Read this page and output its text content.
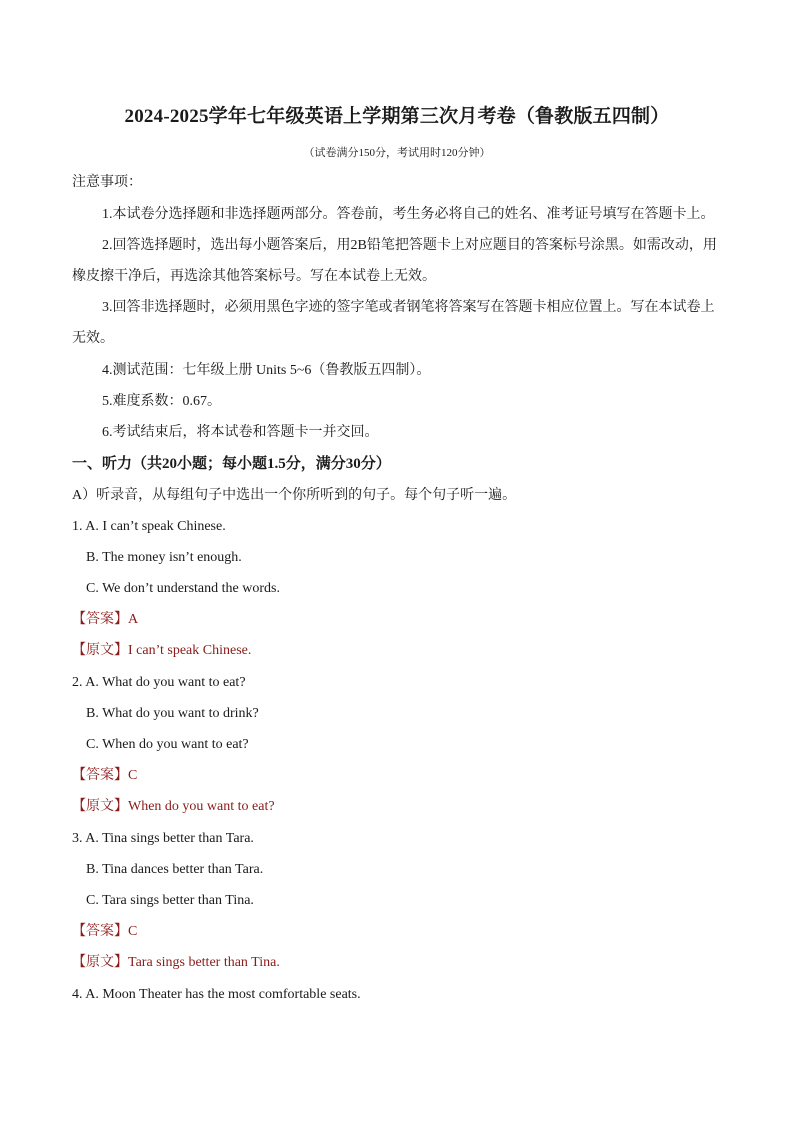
2024-2025学年七年级英语上学期第三次月考卷（鲁教版五四制）
（试卷满分150分，考试用时120分钟）
注意事项：
1.本试卷分选择题和非选择题两部分。答卷前，考生务必将自己的姓名、准考证号填写在答题卡上。
2.回答选择题时，选出每小题答案后，用2B铅笔把答题卡上对应题目的答案标号涂黑。如需改动，用
橡皮擦干净后，再选涂其他答案标号。写在本试卷上无效。
3.回答非选择题时，必须用黑色字迹的签字笔或者钢笔将答案写在答题卡相应位置上。写在本试卷上
无效。
4.测试范围：七年级上册 Units 5~6（鲁教版五四制）。
5.难度系数：0.67。
6.考试结束后，将本试卷和答题卡一并交回。
一、听力（共20小题；每小题1.5分，满分30分）
A）听录音，从每组句子中选出一个你所听到的句子。每个句子听一遍。
1. A. I can’t speak Chinese.
B. The money isn’t enough.
C. We don’t understand the words.
【答案】A
【原文】I can’t speak Chinese.
2. A. What do you want to eat?
B. What do you want to drink?
C. When do you want to eat?
【答案】C
【原文】When do you want to eat?
3. A. Tina sings better than Tara.
B. Tina dances better than Tara.
C. Tara sings better than Tina.
【答案】C
【原文】Tara sings better than Tina.
4. A. Moon Theater has the most comfortable seats.
